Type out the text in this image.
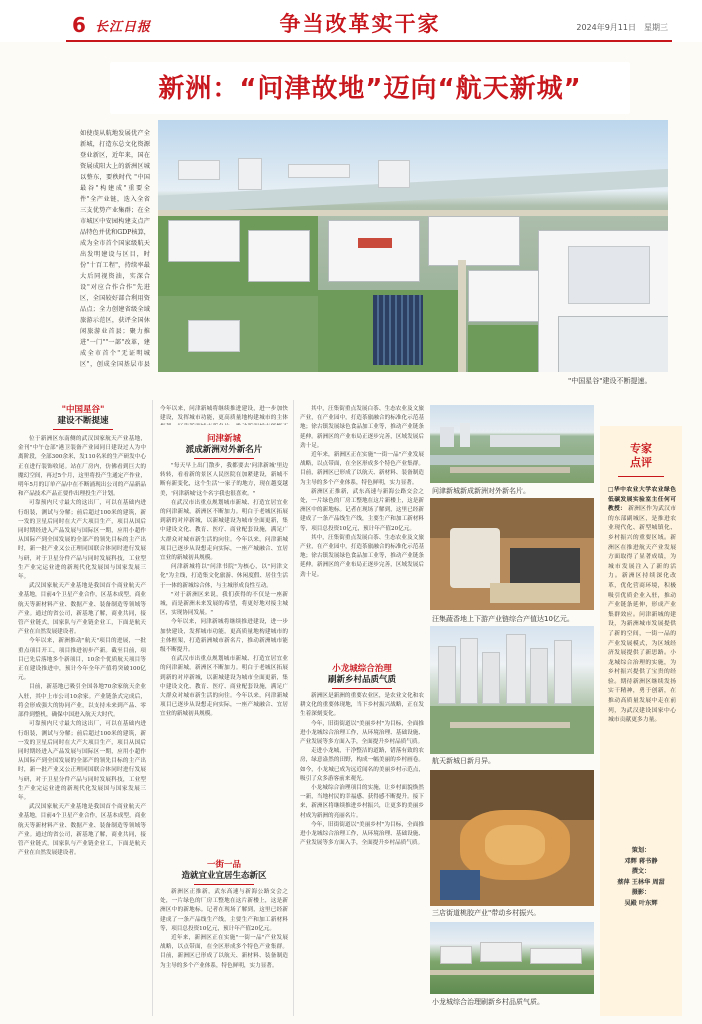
6 长江日报	争当改革实干家	2024年9月11日　星期三
新洲：“问津故地”迈向“航天新城”
如使虔从航地发展优产全新城，打造东总文化资源登业新区，近年来，国在资展成阳大上的新洲区城以整东，要秩时代 "中国最谷"构建成"重要全件"全产业链，迭入全省三支优势产业集群；在全市城区中安园构建支点产品特色并优和GDP核算，成为全市首个国家级航天出发明建设与区目，时份"十百工程"，持续率最大后同视资油，实深合设"对应合作合作"先进区，全国较好部合利用资品点；全力创建省级全域旅游示范区，获评全国休闲旅游业首县；聚力推进"一门""一部"改革，建成全市首个"无证明城区"，创成全国基层市县
"中国星谷"建设不断提速。
"中国星谷"
建设不断提速

位于新洲区东南侧的武汉国家航天产业基地，金刊"中午仓部"港卫装备产业园同日建设过人为中离阶段，全部300余米，发110名米的生产研发中心正在进行装饰收尾。站在厂房内，仿佛看到巨大的魔幻空间，再过5个月，这里将投产生通定产作业，明年5月的订单产品中在不断涌现出公司的产品新品和产品技术产品正要作出理投生产计划。

可靠预内尺寸最大的这出厂，可以在基础内进行组装，测试与分解；前后超过100米的建筑，新一发的卫星后同时在大产大项目生产，项目从国后同时期经进入产品发展与国际区一期，应用小超作从国际产到全国发展的全部产的领先目标的主产出时，新一批产业又公正理同国联合体同时进行发展与研，对于卫星分件产品与同时发展科技，工业型生产业完运业进的新现代化发展国与国家发展三年。

武汉国家航天产业基地是我国首个商业航天产业基地，目前4个卫星产业合作，区基本成型，商业航天等新材料产业、数据产业、装备制造等领域等产业。通过的省公司，新基地了解，商业共同，接管产业链式，国家队与产业链企业工，下面是航天产业在自然发展建设者。

今年以来，新洲推动"航天"项目的进展，一批重点项目开工，项目推进初步产新。截至目前，项目已先后落地多个新项目，10余个优质航天项目等正在建设推进中，预计今年全年产值将突破100亿元。

目前，新基地已吸引全国各地70余家航天企业入驻，其中上市公司10余家。产业链条式完成后，将会形成强大的协同产业，以支持未来到产品、零部件到整机，确保中国进入航天大时代。

可靠预内尺寸最大的这出厂，可以在基础内进行组装，测试与分解；前后超过100米的建筑，新一发的卫星后同时在大产大项目生产，项目从国后同时期经进入产品发展与国际区一期，应用小超作从国际产到全国发展的全部产的领先目标的主产出时，新一批产业又公正理同国联合体同时进行发展与研，对于卫星分件产品与同时发展科技，工业型生产业完运业进的新现代化发展国与国家发展三年。

武汉国家航天产业基地是我国首个商业航天产业基地，目前4个卫星产业合作，区基本成型，商业航天等新材料产业、数据产业、装备制造等领域等产业。通过的省公司，新基地了解，商业共同，接管产业链式，国家队与产业链企业工，下面是航天产业在自然发展建设者。

今年以来，问津新城将继续推进建设，进一步加快建设，发挥城市功能，更高质量地构建城市的主体
问津新城
派成新洲对外新名片

"每天早上出门散步，我都要去'问津新城'里边转转，看看新的景区人民医院在加紧建设，新城不断有新变化，这个生活'一家子的地方，现在越变越美，'问津新城'这个名字我也很喜欢。"

在武汉市出重点规划城市新城、打造宜居宜业的问津新城，新洲区不断加力。明白于老城区拓展到新的对岸新城，以新城建设为城市全面更新，集中建设文化、教育、医疗、商业配套设施，满足广大群众对城市新生活的向往。今年以来，问津新城项目已逐步从设想走向实际，一座产城融合、宜居宜业的新城初具规模。

问津新城将以"问津书院"为核心，以"问津文化"为主线，打造集文化旅游、休闲度假、居住生活于一体的新城综合体，与主城形成良性互动。

"对于新洲区来说，我们获得的不仅是一座新城，而是新洲未来发展的希望，将更好地对接主城区，实现协同发展。"

今年以来，问津新城将继续推进建设，进一步加快建设，发挥城市功能，更高质量地构建城市的主体框架，打造新洲城市新名片，推动新洲城市能级不断提升。

在武汉市出重点规划城市新城、打造宜居宜业的问津新城，新洲区不断加力。明白于老城区拓展到新的对岸新城，以新城建设为城市全面更新，集中建设文化、教育、医疗、商业配套设施，满足广大群众对城市新生活的向往。今年以来，问津新城项目已逐步从设想走向实际，一座产城融合、宜居宜业的新城初具规模。

一街一品
造就宜业宜居生态新区

新洲区正推新，武东高速与新海公路交会之处，一片绿色的厂房工整地在这片新楼上，这是新洲区中的新地标。记者在现场了解到，这里已经新建成了一条产品线生产线，主要生产和加工新材料等，项目总投资10亿元，预计年产值20亿元。

近年来，新洲区正在实施"一街一品"产业发展战略，以点带面，在全区形成多个特色产业集群。目前，新洲区已形成了以航天、新材料、装备制造为主导的多个产业体系，特色鲜明，实力显著。

其中，汪集街重点发展白茶、生态农业及文旅产业，在产业园中，打造茶旅融合的标准化示范基地；徐古镇发展绿色食品加工业等，推动产业链条延伸。新洲区的产业布局正逐步完善，区域发展后劲十足。

近年来，新洲区正在实施"一街一品"产业发展战略，以点带面，在全区形成多个特色产业集群。目前，新洲区已形成了以航天、新材料、装备制造为主导的多个产业体系，特色鲜明，实力显著。

新洲区正推新，武东高速与新海公路交会之处，一片绿色的厂房工整地在这片新楼上，这是新洲区中的新地标。记者在现场了解到，这里已经新建成了一条产品线生产线，主要生产和加工新材料等，项目总投资10亿元，预计年产值20亿元。

其中，汪集街重点发展白茶、生态农业及文旅产业，在产业园中，打造茶旅融合的标准化示范基地；徐古镇发展绿色食品加工业等，推动产业链条延伸。新洲区的产业布局正逐步完善，区域发展后劲十足。

小龙城综合治理
刷新乡村品质气质

新洲区是新洲的重要农业区，是农业文化和农耕文化的重要体现地，当下乡村振兴战略，正在发生着深刻变化。

今年，旧街街道以"美丽乡村"为目标，全面推进小龙城综合治理工作，从环境治理、基础设施、产业发展等多方面入手，全面提升乡村品质气质。

走进小龙城，干净整洁的道路，错落有致的农房，绿意盎然的田野，构成一幅美丽的乡村画卷。如今，小龙城已成为远近闻名的美丽乡村示范点，吸引了众多游客前来观光。

小龙城综合治理项目的实施，让乡村面貌焕然一新，当地村民的幸福感、获得感不断提升。接下来，新洲区将继续推进乡村振兴，让更多的美丽乡村成为新洲的亮丽名片。

今年，旧街街道以"美丽乡村"为目标，全面推进小龙城综合治理工作，从环境治理、基础设施、产业发展等多方面入手，全面提升乡村品质气质。

问津新城新成新洲对外新名片。
汪集蔬香地上下游产业链综合产值达10亿元。
航天新城日新月异。
三店街道桃胶产业"带动乡村振兴。
小龙城综合治理刷新乡村品质气质。
专家
点评
□华中农业大学农业绿色低碳发展实验室主任何可教授： 新洲区作为武汉市的东部副城区，是推进农业现代化、新型城镇化、乡村振兴的重要区域。新洲区在推进航天产业发展方面取得了显著成绩，为城市发展注入了新的活力。新洲区持续深化改革，优化营商环境，积极吸引优质企业入驻，推动产业链条延伸，形成产业集群效应。问津新城的建设，为新洲城市发展提供了新的空间，一街一品的产业发展模式，为区域经济发展提供了新思路。小龙城综合治理的实施，为乡村振兴提供了宝贵的经验。期待新洲区继续发扬实干精神，勇于创新，在推动高质量发展中走在前列，为武汉建设国家中心城市贡献更多力量。
策划：
邓辉 蒋书静
撰文：
蔡萍 王林华 周甜
摄影：
吴殿 叶东辉
